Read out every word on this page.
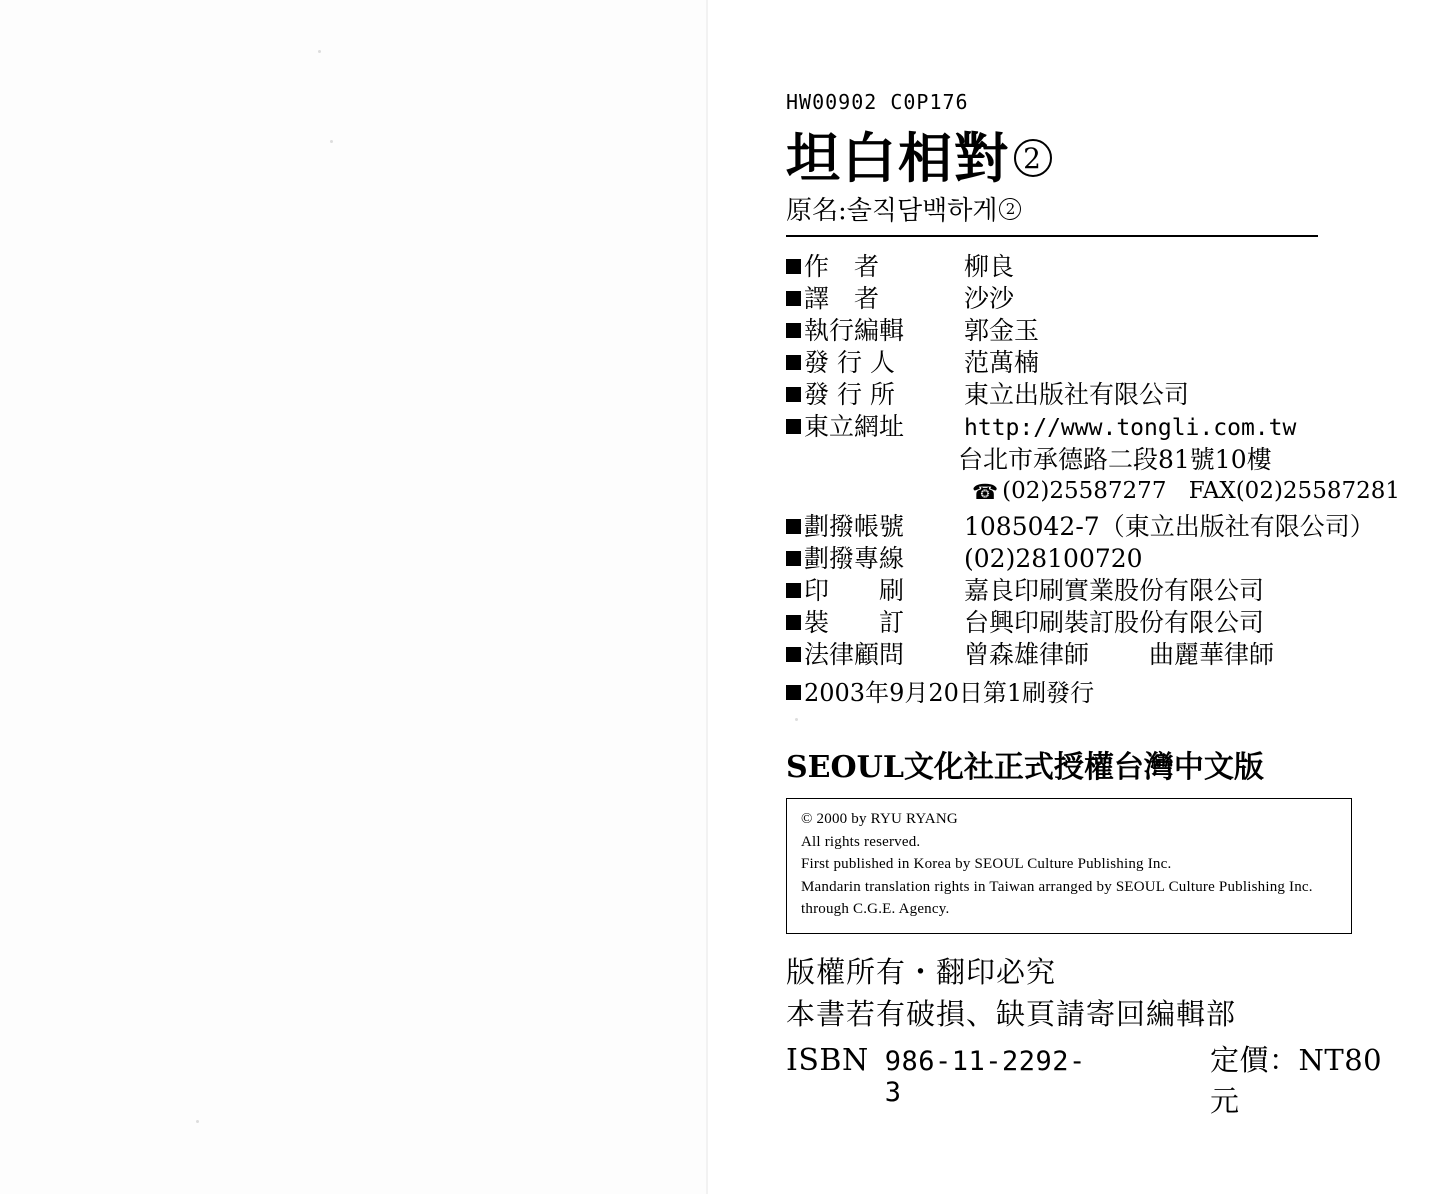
HW00902 C0P176
坦白相對 2
原名: 솔직담백하게 2
作　者	柳良
譯　者	沙沙
執行編輯	郭金玉
發 行 人	范萬楠
發 行 所	東立出版社有限公司
東立網址	http://www.tongli.com.tw
台北市承德路二段81號10樓
☎ (02)25587277 FAX(02)25587281
劃撥帳號	1085042-7（東立出版社有限公司）
劃撥專線	(02)28100720
印　　刷	嘉良印刷實業股份有限公司
裝　　訂	台興印刷裝訂股份有限公司
法律顧問	曾森雄律師 曲麗華律師
2003年9月20日第1刷發行
SEOUL文化社正式授權台灣中文版

© 2000 by RYU RYANG

All rights reserved.

First published in Korea by SEOUL Culture Publishing Inc.

Mandarin translation rights in Taiwan arranged by SEOUL Culture Publishing Inc.

through C.G.E. Agency.

版權所有・翻印必究
本書若有破損、缺頁請寄回編輯部
ISBN 986-11-2292-3
定價：NT80元
